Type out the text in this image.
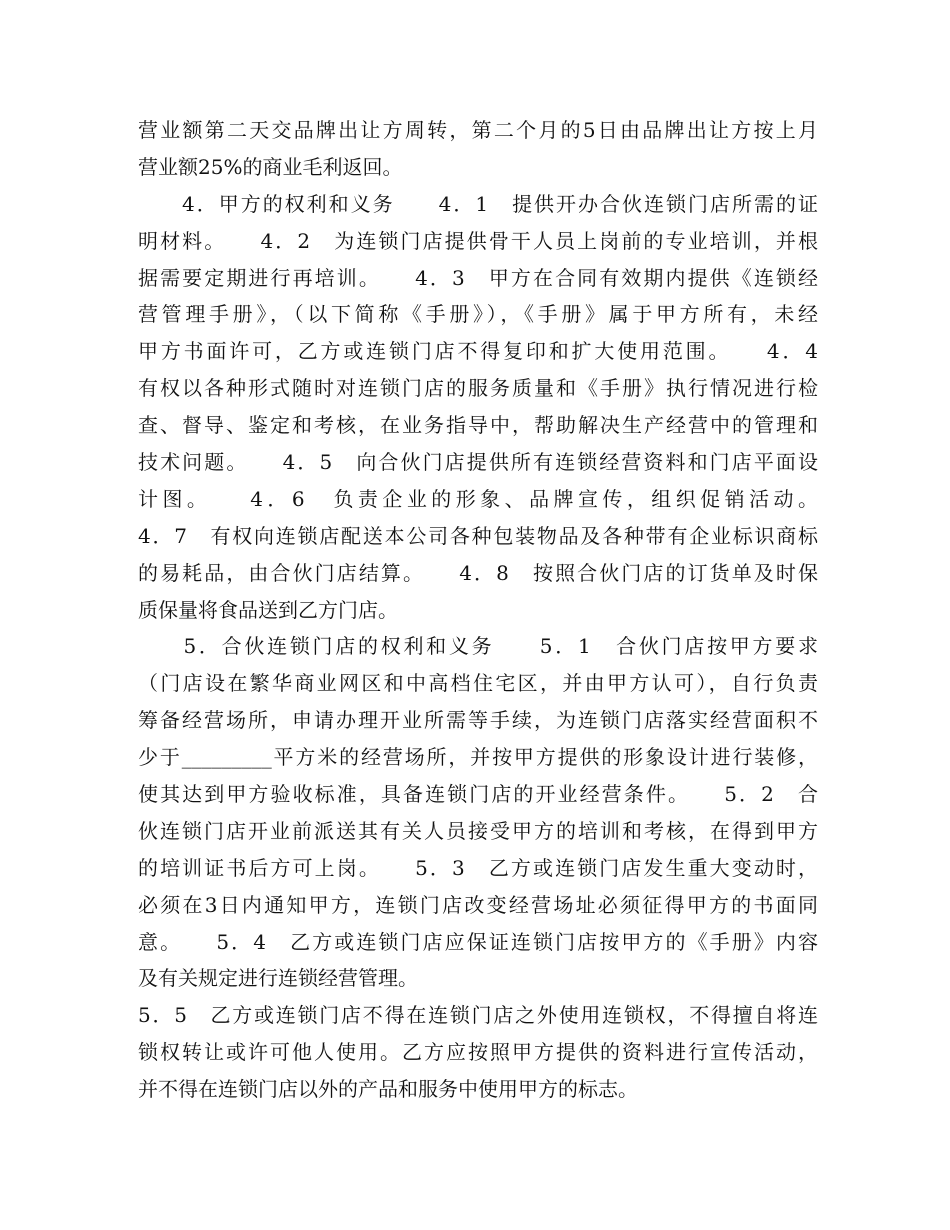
营业额第二天交品牌出让方周转，第二个月的5日由品牌出让方按上月
营业额25%的商业毛利返回。
　　4．甲方的权利和义务　　4．1　提供开办合伙连锁门店所需的证
明材料。　　4．2　为连锁门店提供骨干人员上岗前的专业培训，并根
据需要定期进行再培训。　　4．3　甲方在合同有效期内提供《连锁经
营管理手册》，（以下简称《手册》），《手册》属于甲方所有，未经
甲方书面许可，乙方或连锁门店不得复印和扩大使用范围。　　4．4
有权以各种形式随时对连锁门店的服务质量和《手册》执行情况进行检
查、督导、鉴定和考核，在业务指导中，帮助解决生产经营中的管理和
技术问题。　　4．5　向合伙门店提供所有连锁经营资料和门店平面设
计图。　　4．6　负责企业的形象、品牌宣传，组织促销活动。
4．7　有权向连锁店配送本公司各种包装物品及各种带有企业标识商标
的易耗品，由合伙门店结算。　　4．8　按照合伙门店的订货单及时保
质保量将食品送到乙方门店。
　　5．合伙连锁门店的权利和义务　　5．1　合伙门店按甲方要求
（门店设在繁华商业网区和中高档住宅区，并由甲方认可），自行负责
筹备经营场所，申请办理开业所需等手续，为连锁门店落实经营面积不
少于_________平方米的经营场所，并按甲方提供的形象设计进行装修，
使其达到甲方验收标准，具备连锁门店的开业经营条件。　　5．2　合
伙连锁门店开业前派送其有关人员接受甲方的培训和考核，在得到甲方
的培训证书后方可上岗。　　5．3　乙方或连锁门店发生重大变动时，
必须在3日内通知甲方，连锁门店改变经营场址必须征得甲方的书面同
意。　　5．4　乙方或连锁门店应保证连锁门店按甲方的《手册》内容
及有关规定进行连锁经营管理。
5．5　乙方或连锁门店不得在连锁门店之外使用连锁权，不得擅自将连
锁权转让或许可他人使用。乙方应按照甲方提供的资料进行宣传活动，
并不得在连锁门店以外的产品和服务中使用甲方的标志。
